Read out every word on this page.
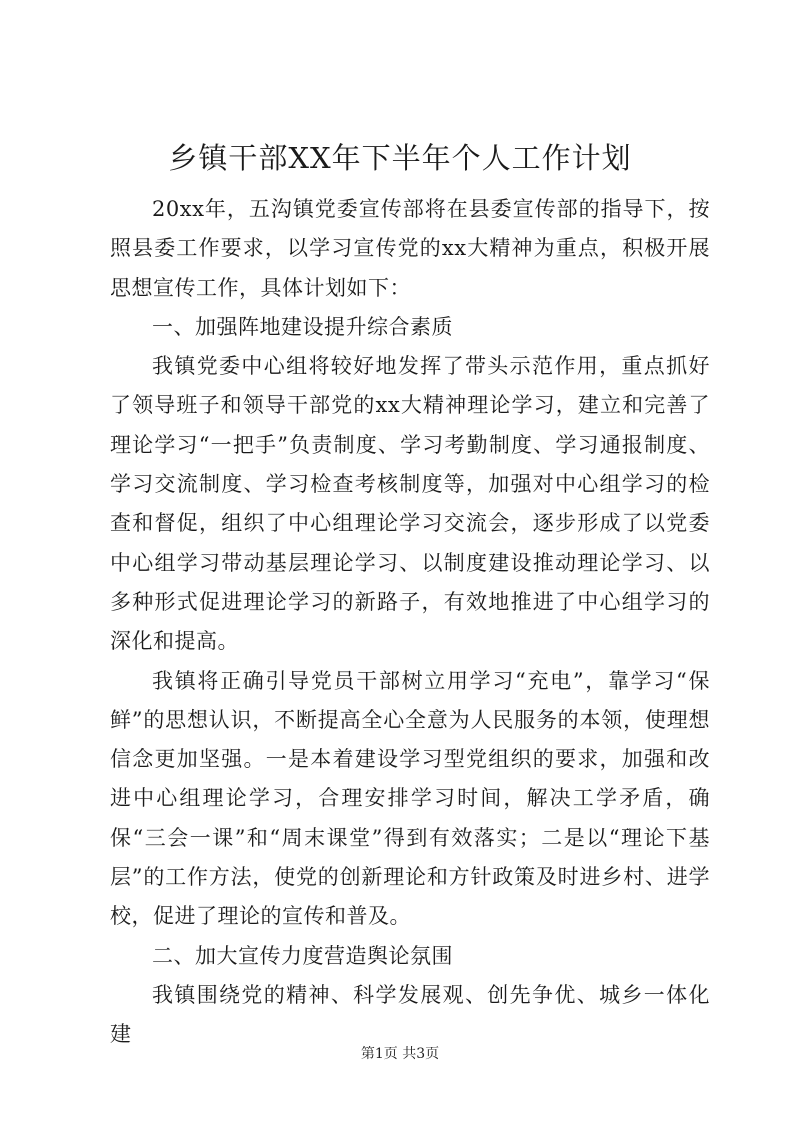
乡镇干部XX年下半年个人工作计划

20xx年，五沟镇党委宣传部将在县委宣传部的指导下，按照县委工作要求，以学习宣传党的xx大精神为重点，积极开展思想宣传工作，具体计划如下：

一、加强阵地建设提升综合素质

我镇党委中心组将较好地发挥了带头示范作用，重点抓好了领导班子和领导干部党的xx大精神理论学习，建立和完善了理论学习“一把手”负责制度、学习考勤制度、学习通报制度、学习交流制度、学习检查考核制度等，加强对中心组学习的检查和督促，组织了中心组理论学习交流会，逐步形成了以党委中心组学习带动基层理论学习、以制度建设推动理论学习、以多种形式促进理论学习的新路子，有效地推进了中心组学习的深化和提高。

我镇将正确引导党员干部树立用学习“充电”，靠学习“保鲜”的思想认识，不断提高全心全意为人民服务的本领，使理想信念更加坚强。一是本着建设学习型党组织的要求，加强和改进中心组理论学习，合理安排学习时间，解决工学矛盾，确保“三会一课”和“周末课堂”得到有效落实；二是以“理论下基层”的工作方法，使党的创新理论和方针政策及时进乡村、进学校，促进了理论的宣传和普及。

二、加大宣传力度营造舆论氛围

我镇围绕党的精神、科学发展观、创先争优、城乡一体化建

第1页 共3页
